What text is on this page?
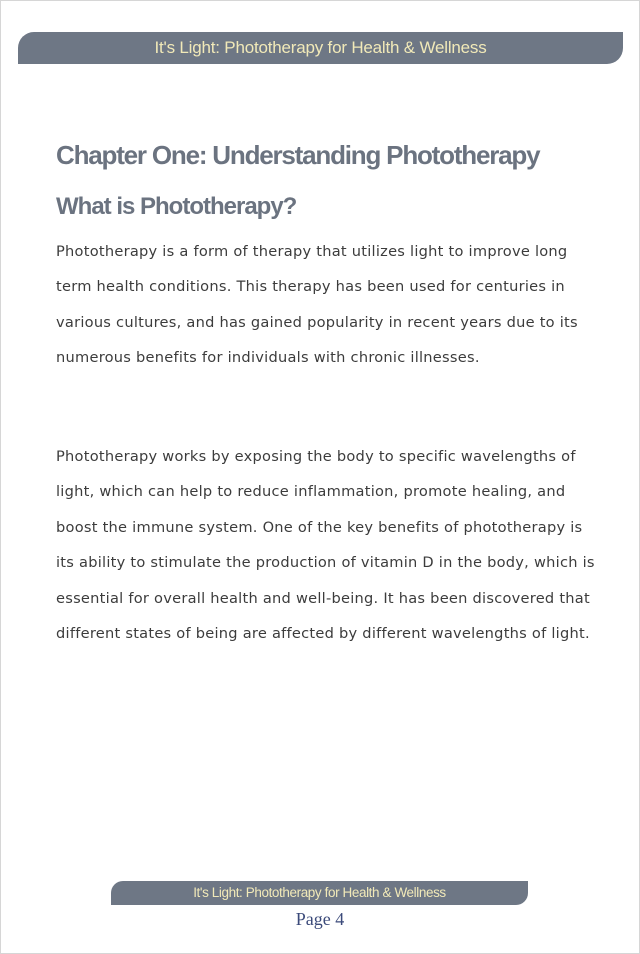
It's Light: Phototherapy for Health & Wellness
Chapter One: Understanding Phototherapy
What is Phototherapy?

Phototherapy is a form of therapy that utilizes light to improve long term health conditions. This therapy has been used for centuries in various cultures, and has gained popularity in recent years due to its numerous benefits for individuals with chronic illnesses.

Phototherapy works by exposing the body to specific wavelengths of light, which can help to reduce inflammation, promote healing, and boost the immune system. One of the key benefits of phototherapy is its ability to stimulate the production of vitamin D in the body, which is essential for overall health and well-being. It has been discovered that different states of being are affected by different wavelengths of light.

It's Light: Phototherapy for Health & Wellness
Page 4
